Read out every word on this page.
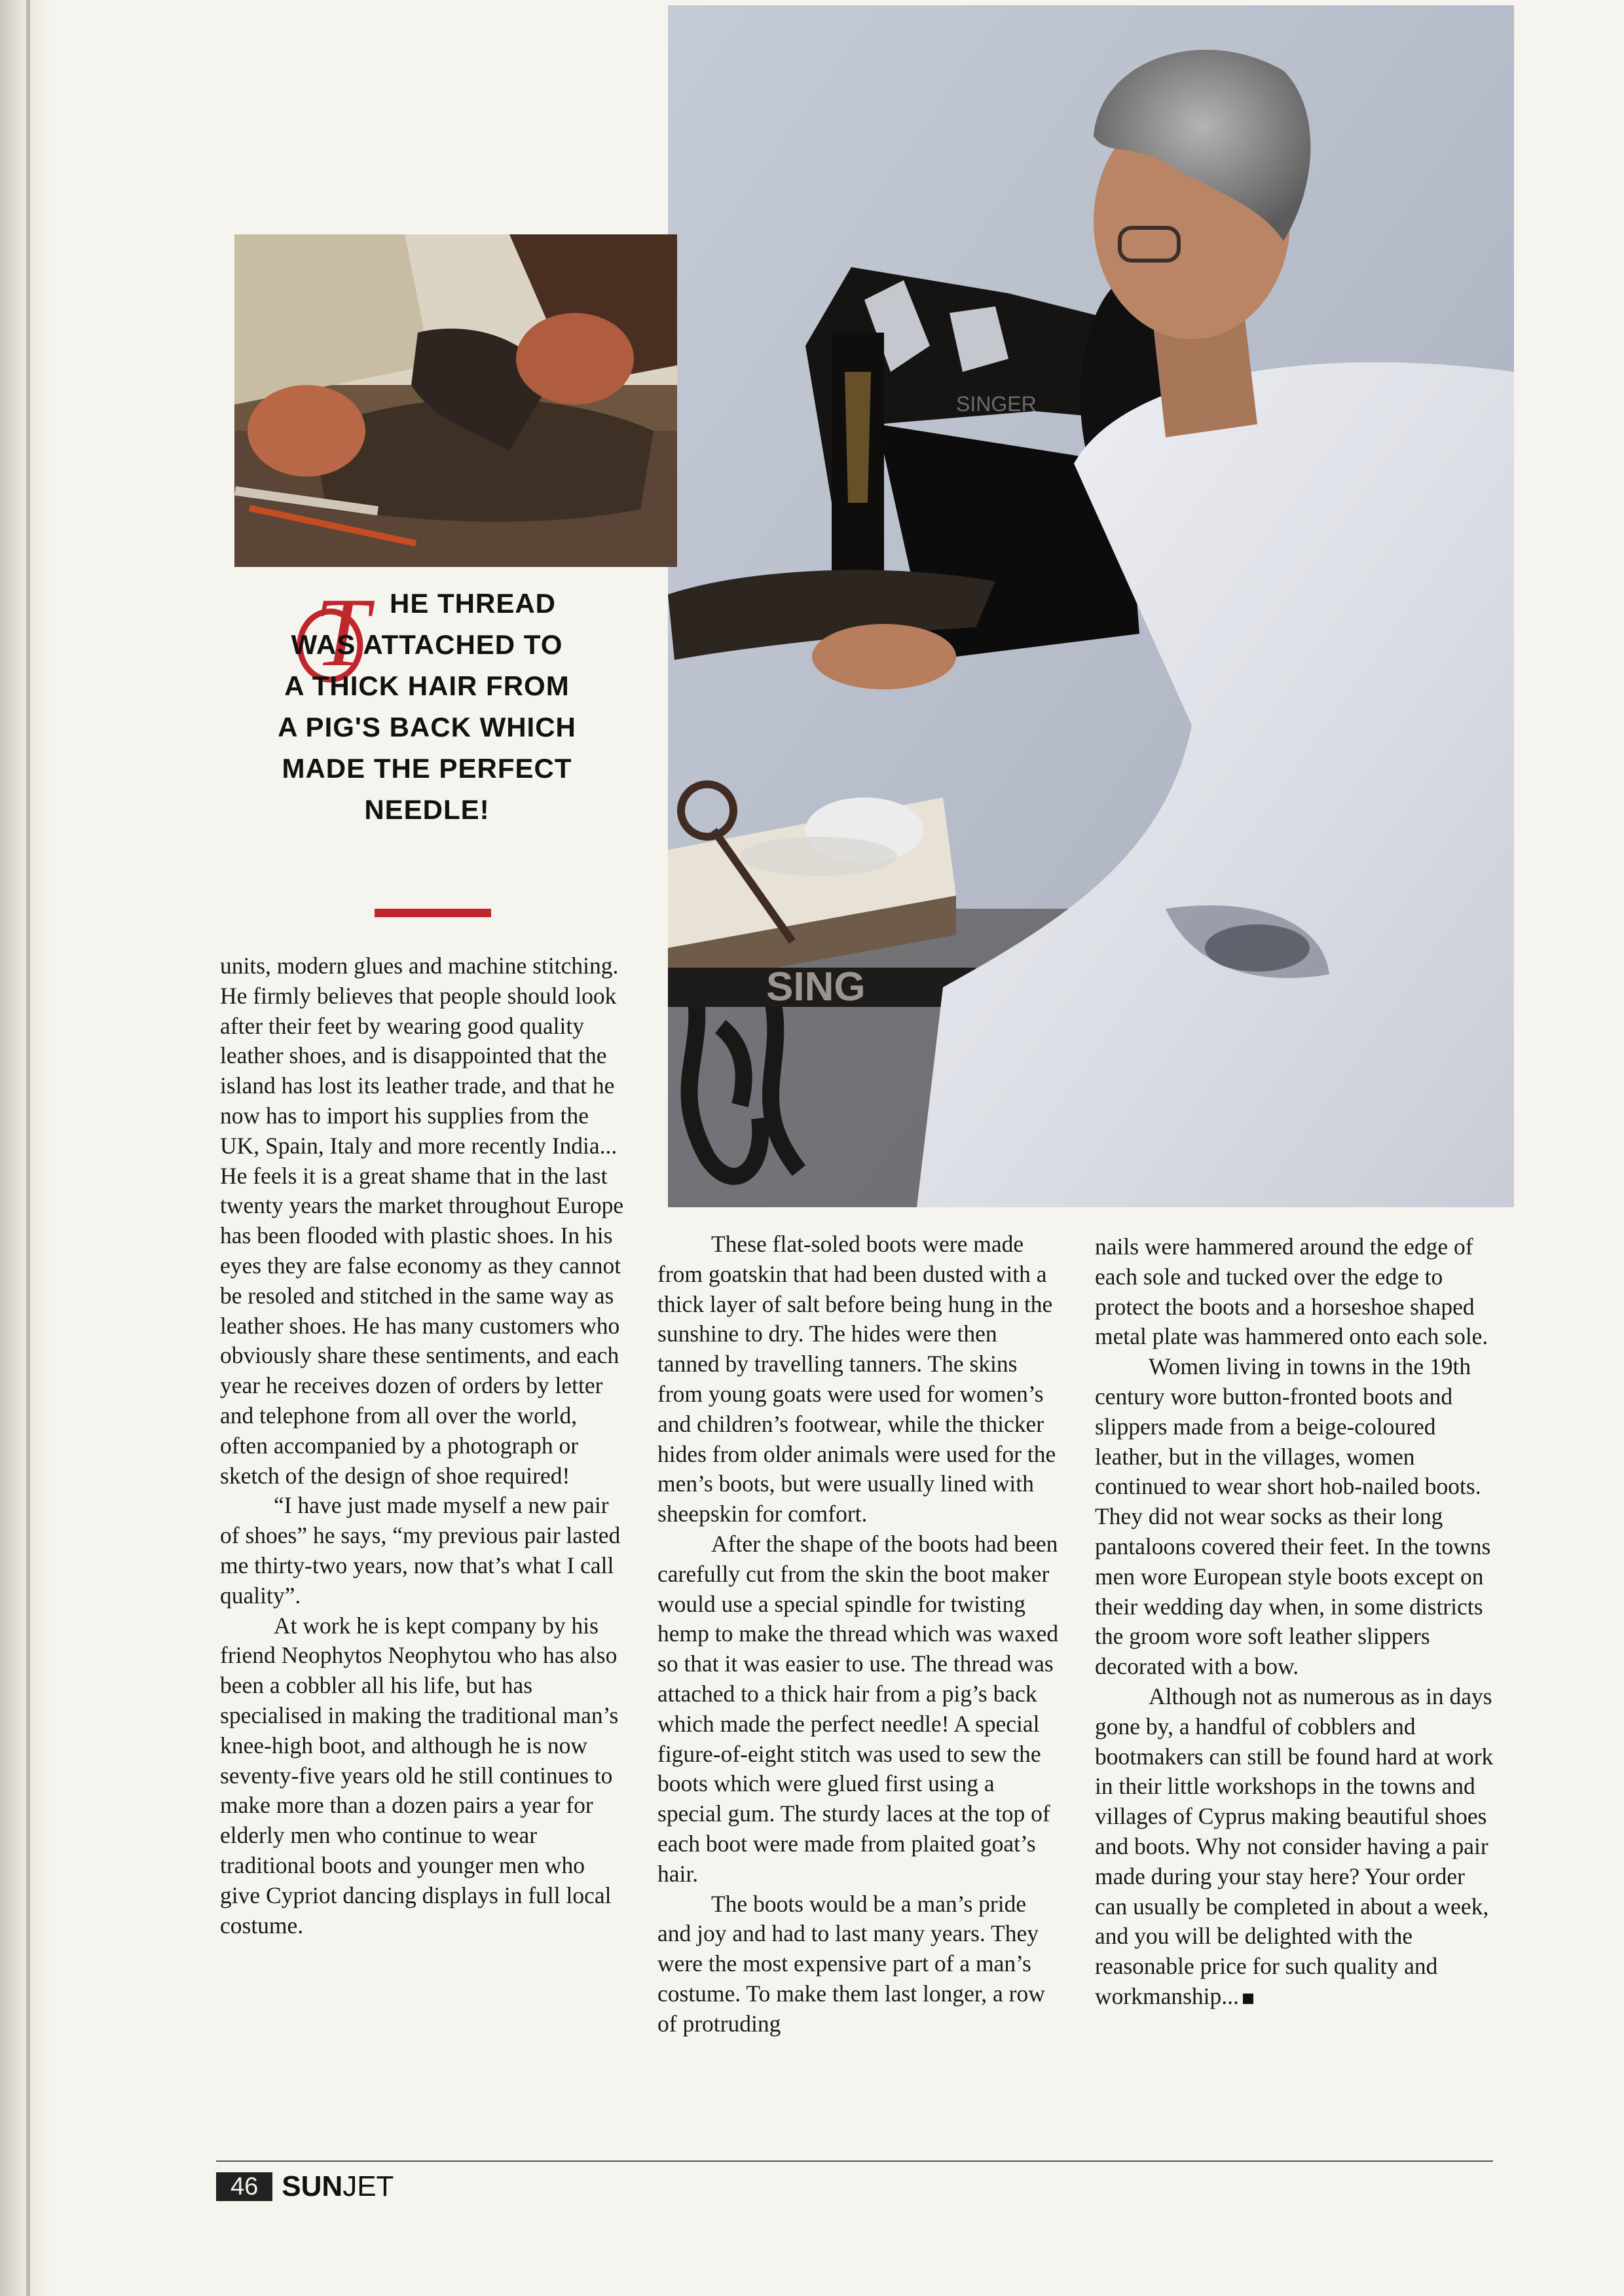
SING
SINGER
T HE THREAD
WAS ATTACHED TO
A THICK HAIR FROM
A PIG'S BACK WHICH
MADE THE PERFECT
NEEDLE!

units, modern glues and machine stitching. He firmly believes that people should look after their feet by wearing good quality leather shoes, and is disappointed that the island has lost its leather trade, and that he now has to import his supplies from the UK, Spain, Italy and more recently India... He feels it is a great shame that in the last twenty years the market throughout Europe has been flooded with plastic shoes. In his eyes they are false economy as they cannot be resoled and stitched in the same way as leather shoes. He has many customers who obviously share these sentiments, and each year he receives dozen of orders by letter and telephone from all over the world, often accompanied by a photograph or sketch of the design of shoe required!

“I have just made myself a new pair of shoes” he says, “my previous pair lasted me thirty-two years, now that’s what I call quality”.

At work he is kept company by his friend Neophytos Neophytou who has also been a cobbler all his life, but has specialised in making the traditional man’s knee-high boot, and although he is now seventy-five years old he still continues to make more than a dozen pairs a year for elderly men who continue to wear traditional boots and younger men who give Cypriot dancing displays in full local costume.

These flat-soled boots were made from goatskin that had been dusted with a thick layer of salt before being hung in the sunshine to dry. The hides were then tanned by travelling tanners. The skins from young goats were used for women’s and children’s footwear, while the thicker hides from older animals were used for the men’s boots, but were usually lined with sheepskin for comfort.

After the shape of the boots had been carefully cut from the skin the boot maker would use a special spindle for twisting hemp to make the thread which was waxed so that it was easier to use. The thread was attached to a thick hair from a pig’s back which made the perfect needle! A special figure-of-eight stitch was used to sew the boots which were glued first using a special gum. The sturdy laces at the top of each boot were made from plaited goat’s hair.

The boots would be a man’s pride and joy and had to last many years. They were the most expensive part of a man’s costume. To make them last longer, a row of protruding

nails were hammered around the edge of each sole and tucked over the edge to protect the boots and a horseshoe shaped metal plate was hammered onto each sole.

Women living in towns in the 19th century wore button-fronted boots and slippers made from a beige-coloured leather, but in the villages, women continued to wear short hob-nailed boots. They did not wear socks as their long pantaloons covered their feet. In the towns men wore European style boots except on their wedding day when, in some districts the groom wore soft leather slippers decorated with a bow.

Although not as numerous as in days gone by, a handful of cobblers and bootmakers can still be found hard at work in their little workshops in the towns and villages of Cyprus making beautiful shoes and boots. Why not consider having a pair made during your stay here? Your order can usually be completed in about a week, and you will be delighted with the reasonable price for such quality and workmanship...

46 SUNJET
